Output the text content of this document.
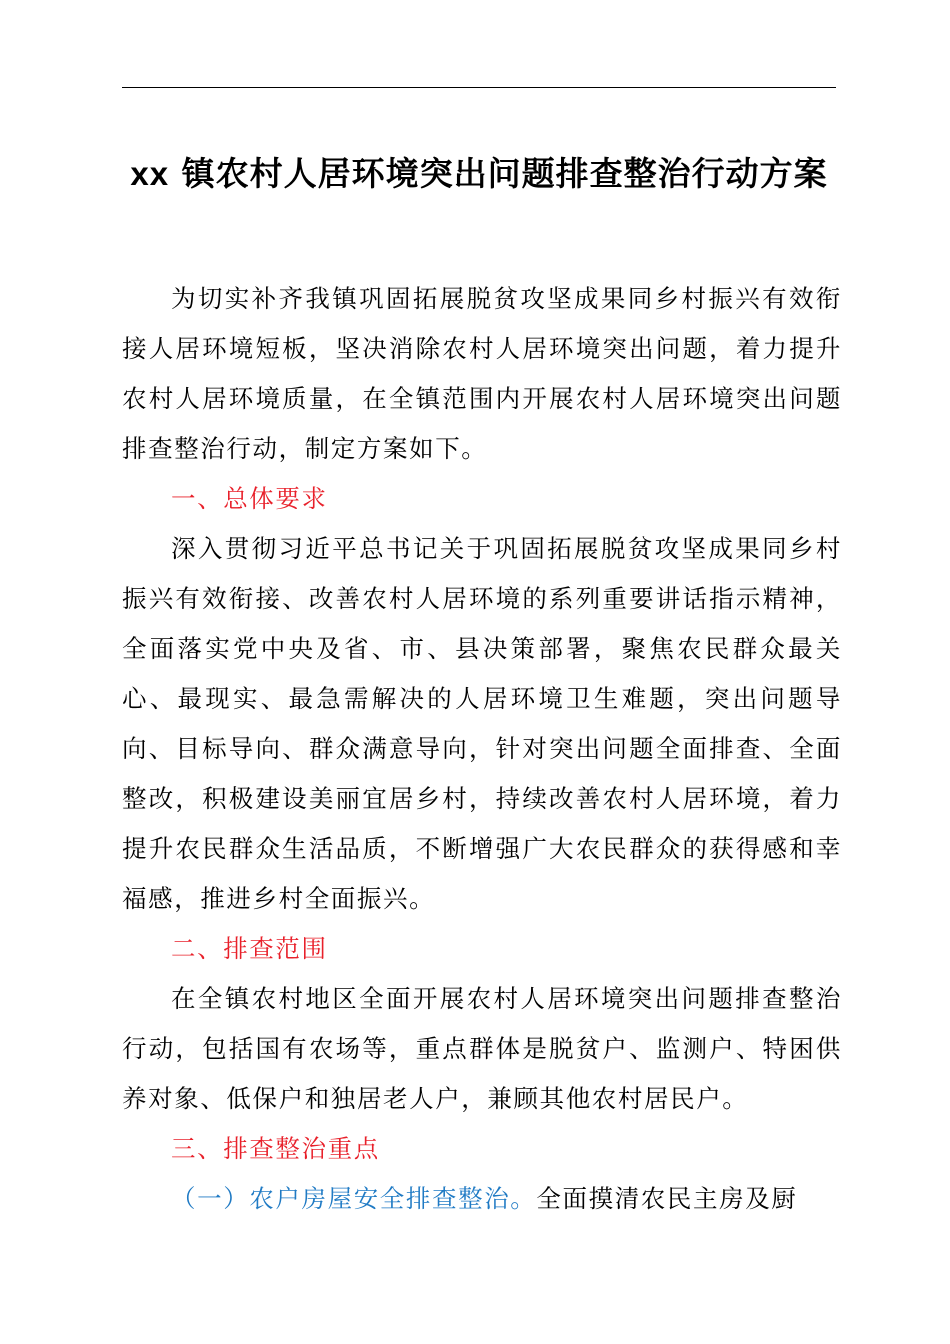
xx 镇农村人居环境突出问题排查整治行动方案

为切实补齐我镇巩固拓展脱贫攻坚成果同乡村振兴有效衔接人居环境短板，坚决消除农村人居环境突出问题，着力提升农村人居环境质量，在全镇范围内开展农村人居环境突出问题排查整治行动，制定方案如下。

一、总体要求

深入贯彻习近平总书记关于巩固拓展脱贫攻坚成果同乡村振兴有效衔接、改善农村人居环境的系列重要讲话指示精神，全面落实党中央及省、市、县决策部署，聚焦农民群众最关心、最现实、最急需解决的人居环境卫生难题，突出问题导向、目标导向、群众满意导向，针对突出问题全面排查、全面整改，积极建设美丽宜居乡村，持续改善农村人居环境，着力提升农民群众生活品质，不断增强广大农民群众的获得感和幸福感，推进乡村全面振兴。

二、排查范围

在全镇农村地区全面开展农村人居环境突出问题排查整治行动，包括国有农场等，重点群体是脱贫户、监测户、特困供养对象、低保户和独居老人户，兼顾其他农村居民户。

三、排查整治重点

（一）农户房屋安全排查整治。全面摸清农民主房及厨
